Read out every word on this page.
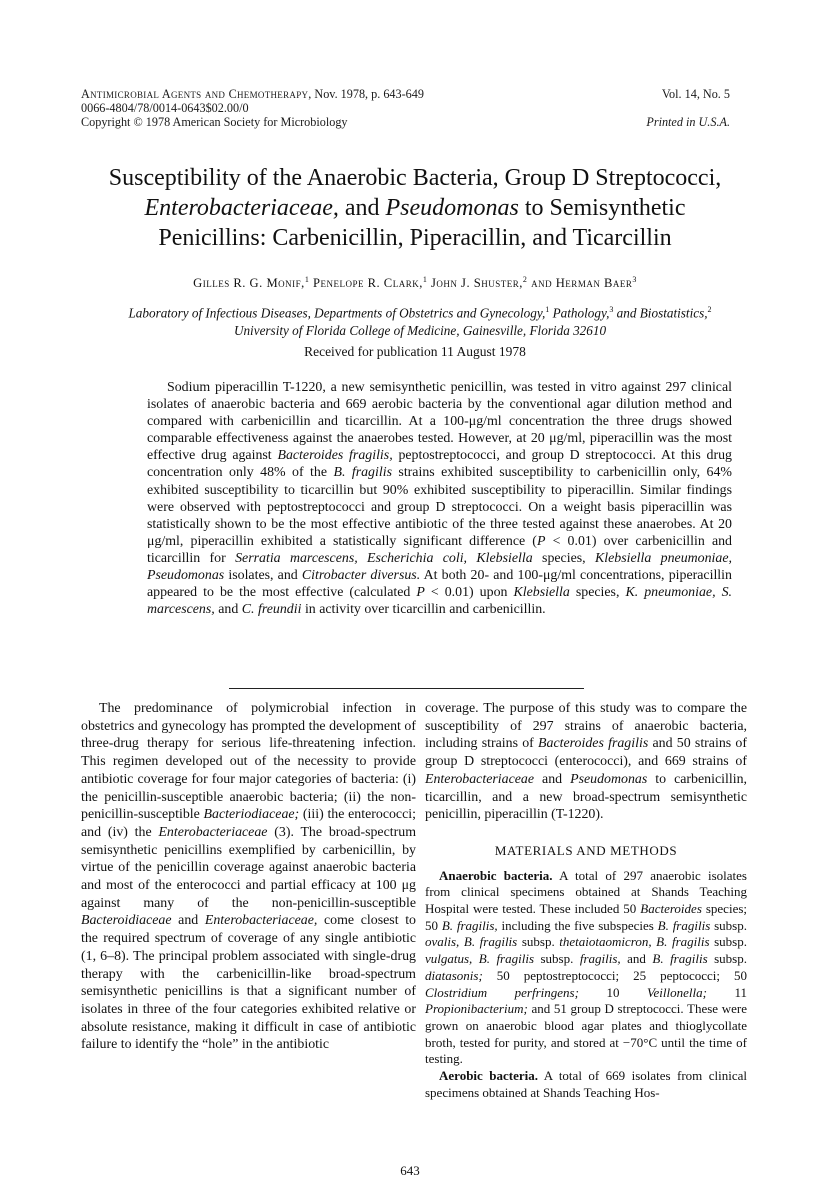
Antimicrobial Agents and Chemotherapy, Nov. 1978, p. 643-649
0066-4804/78/0014-0643$02.00/0
Copyright © 1978 American Society for Microbiology
Vol. 14, No. 5
Printed in U.S.A.
Susceptibility of the Anaerobic Bacteria, Group D Streptococci, Enterobacteriaceae, and Pseudomonas to Semisynthetic Penicillins: Carbenicillin, Piperacillin, and Ticarcillin
Gilles R. G. Monif,$^1$ Penelope R. Clark,$^1$ John J. Shuster,$^2$ and Herman Baer$^3$
Laboratory of Infectious Diseases, Departments of Obstetrics and Gynecology,$^1$ Pathology,$^3$ and Biostatistics,$^2$ University of Florida College of Medicine, Gainesville, Florida 32610
Received for publication 11 August 1978
Sodium piperacillin T-1220, a new semisynthetic penicillin, was tested in vitro against 297 clinical isolates of anaerobic bacteria and 669 aerobic bacteria by the conventional agar dilution method and compared with carbenicillin and ticarcillin. At a 100-μg/ml concentration the three drugs showed comparable effectiveness against the anaerobes tested. However, at 20 μg/ml, piperacillin was the most effective drug against Bacteroides fragilis, peptostreptococci, and group D streptococci. At this drug concentration only 48% of the B. fragilis strains exhibited susceptibility to carbenicillin only, 64% exhibited susceptibility to ticarcillin but 90% exhibited susceptibility to piperacillin. Similar findings were observed with peptostreptococci and group D streptococci. On a weight basis piperacillin was statistically shown to be the most effective antibiotic of the three tested against these anaerobes. At 20 μg/ml, piperacillin exhibited a statistically significant difference (P < 0.01) over carbenicillin and ticarcillin for Serratia marcescens, Escherichia coli, Klebsiella species, Klebsiella pneumoniae, Pseudomonas isolates, and Citrobacter diversus. At both 20- and 100-μg/ml concentrations, piperacillin appeared to be the most effective (calculated P < 0.01) upon Klebsiella species, K. pneumoniae, S. marcescens, and C. freundii in activity over ticarcillin and carbenicillin.
The predominance of polymicrobial infection in obstetrics and gynecology has prompted the development of three-drug therapy for serious life-threatening infection. This regimen developed out of the necessity to provide antibiotic coverage for four major categories of bacteria: (i) the penicillin-susceptible anaerobic bacteria; (ii) the non-penicillin-susceptible Bacteriodiaceae; (iii) the enterococci; and (iv) the Enterobacteriaceae (3). The broad-spectrum semisynthetic penicillins exemplified by carbenicillin, by virtue of the penicillin coverage against anaerobic bacteria and most of the enterococci and partial efficacy at 100 μg against many of the non-penicillin-susceptible Bacteroidiaceae and Enterobacteriaceae, come closest to the required spectrum of coverage of any single antibiotic (1, 6–8). The principal problem associated with single-drug therapy with the carbenicillin-like broad-spectrum semisynthetic penicillins is that a significant number of isolates in three of the four categories exhibited relative or absolute resistance, making it difficult in case of antibiotic failure to identify the “hole” in the antibiotic
coverage. The purpose of this study was to compare the susceptibility of 297 strains of anaerobic bacteria, including strains of Bacteroides fragilis and 50 strains of group D streptococci (enterococci), and 669 strains of Enterobacteriaceae and Pseudomonas to carbenicillin, ticarcillin, and a new broad-spectrum semisynthetic penicillin, piperacillin (T-1220).
MATERIALS AND METHODS
Anaerobic bacteria. A total of 297 anaerobic isolates from clinical specimens obtained at Shands Teaching Hospital were tested. These included 50 Bacteroides species; 50 B. fragilis, including the five subspecies B. fragilis subsp. ovalis, B. fragilis subsp. thetaiotaomicron, B. fragilis subsp. vulgatus, B. fragilis subsp. fragilis, and B. fragilis subsp. diatasonis; 50 peptostreptococci; 25 peptococci; 50 Clostridium perfringens; 10 Veillonella; 11 Propionibacterium; and 51 group D streptococci. These were grown on anaerobic blood agar plates and thioglycollate broth, tested for purity, and stored at −70°C until the time of testing.
Aerobic bacteria. A total of 669 isolates from clinical specimens obtained at Shands Teaching Hos-
643
